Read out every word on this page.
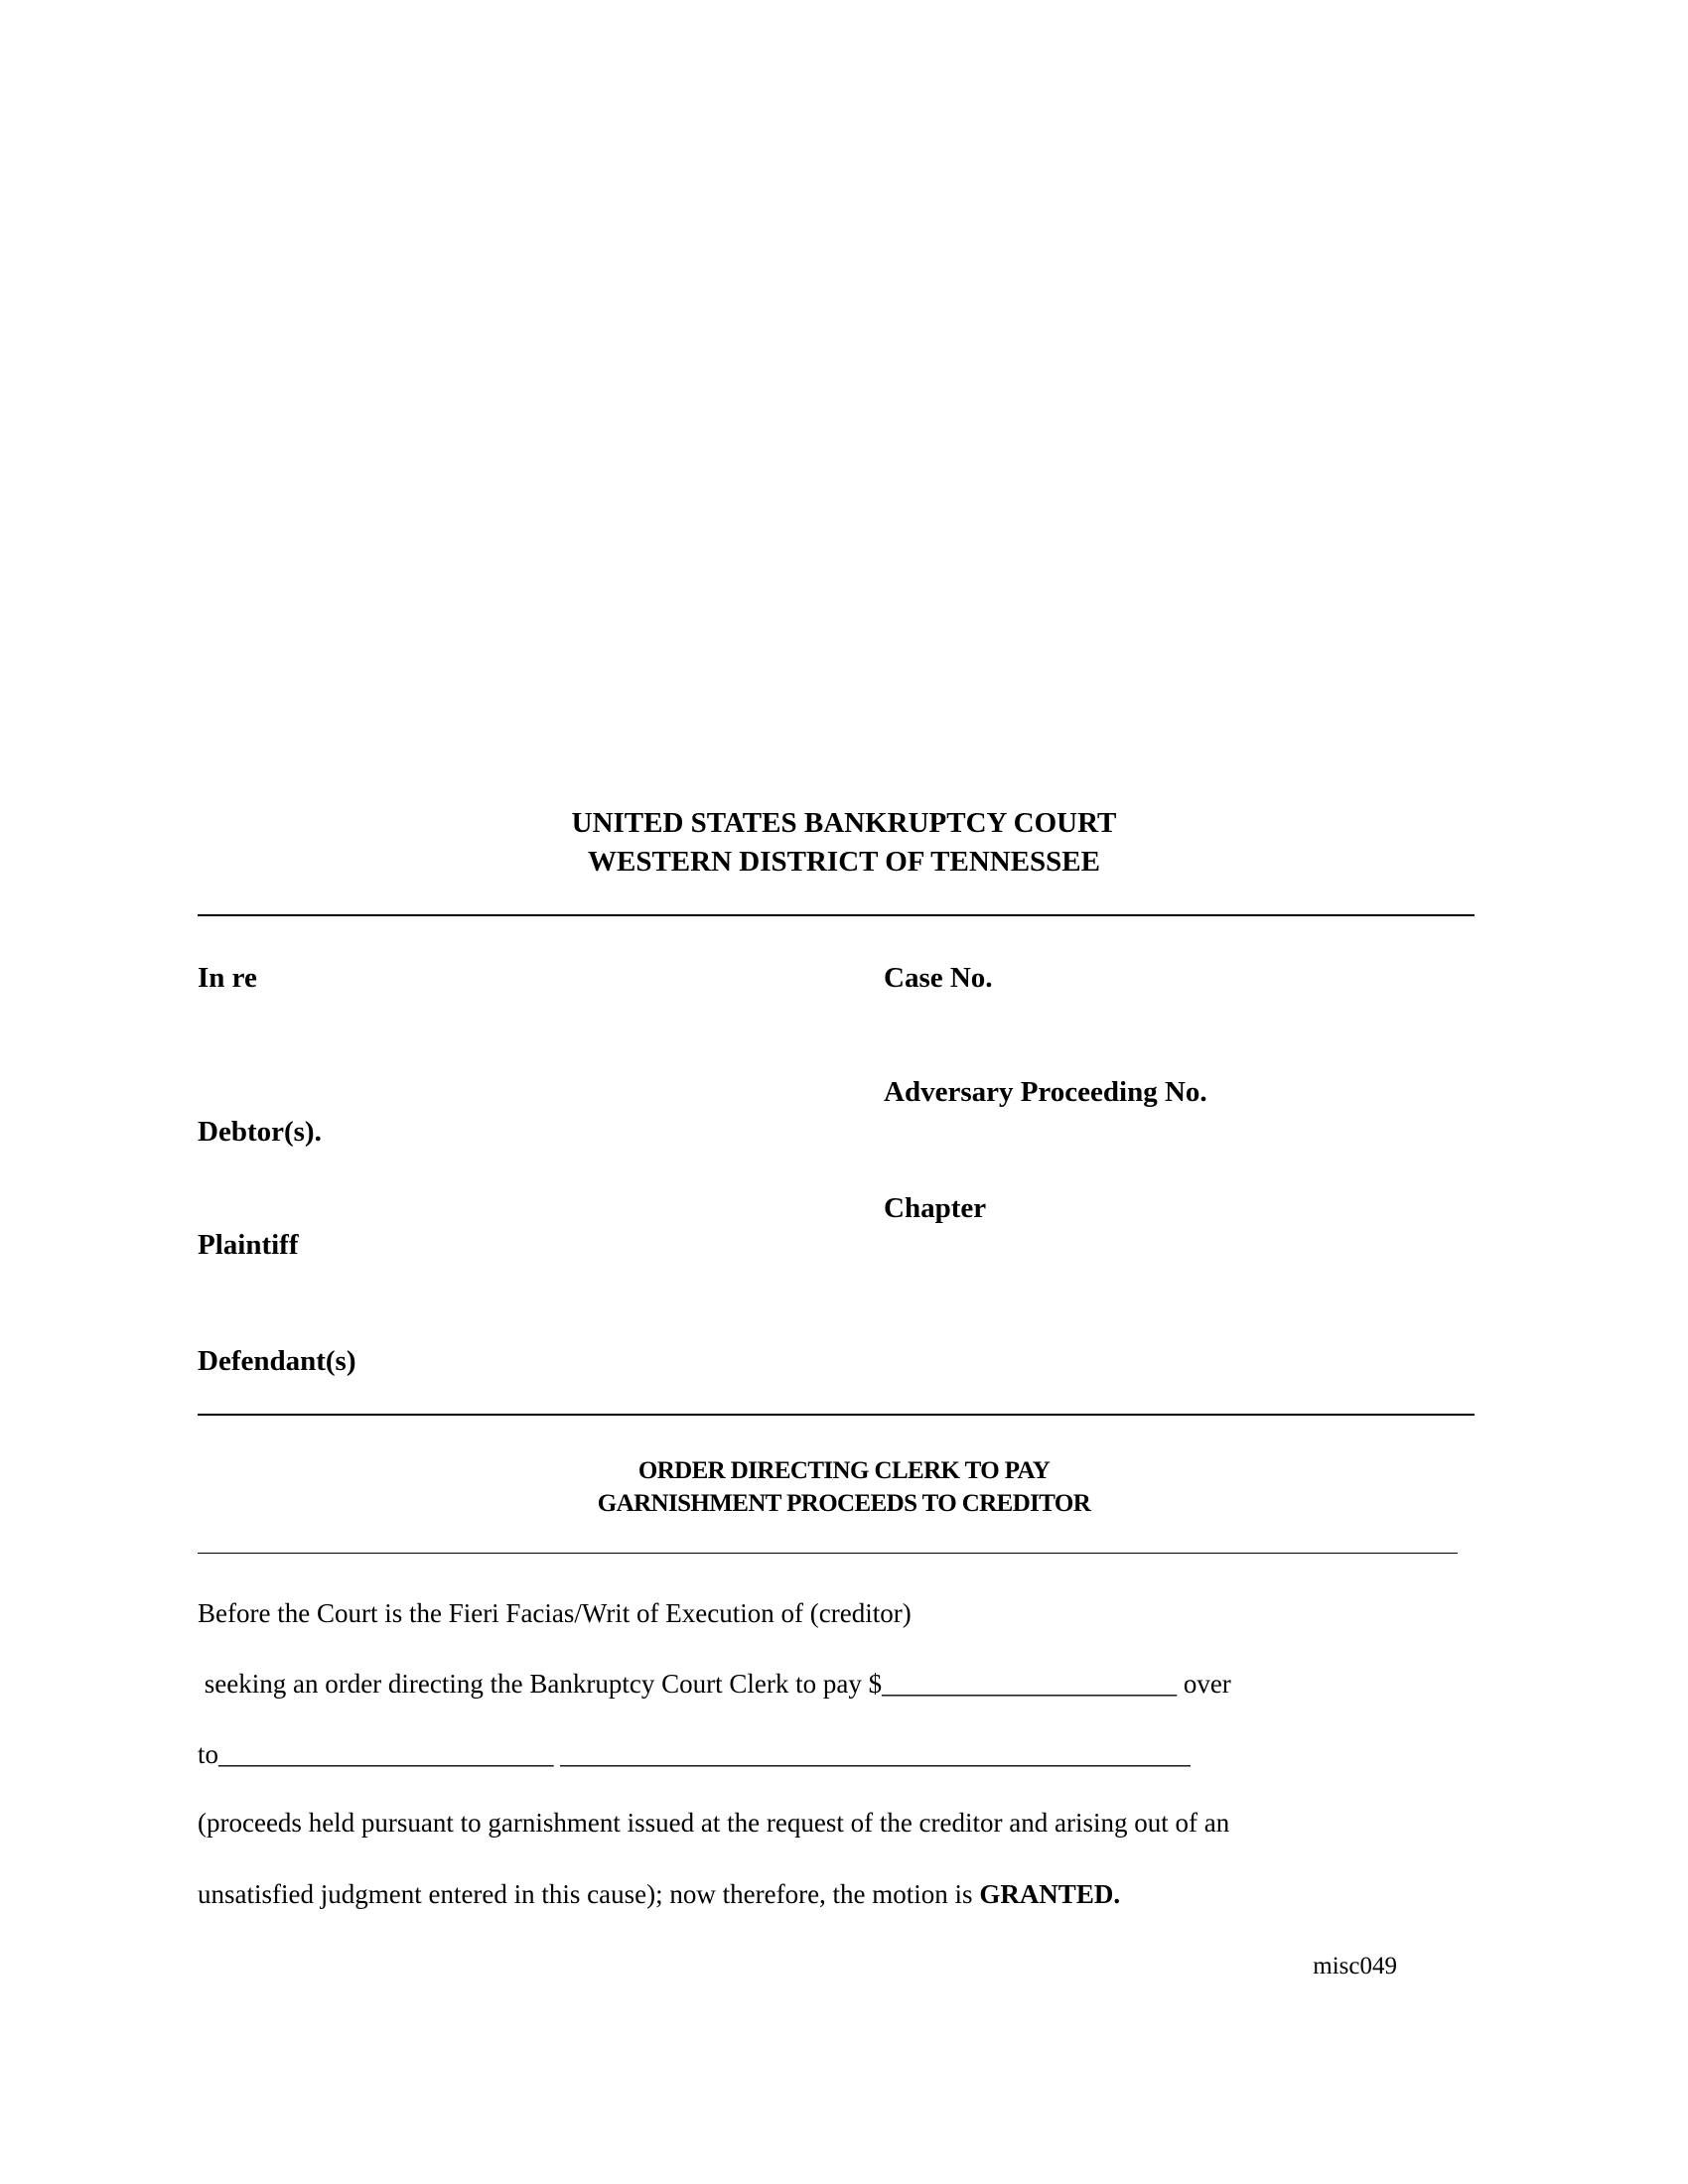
UNITED STATES BANKRUPTCY COURT
WESTERN DISTRICT OF TENNESSEE
In re
Debtor(s).
Plaintiff
Defendant(s)
Case No.
Adversary Proceeding No.
Chapter
ORDER DIRECTING CLERK TO PAY
GARNISHMENT PROCEEDS TO CREDITOR
Before the Court is the Fieri Facias/Writ of Execution of (creditor)
seeking an order directing the Bankruptcy Court Clerk to pay $______________________ over
to_________________________ _______________________________________________
(proceeds held pursuant to garnishment issued at the request of the creditor and arising out of an
unsatisfied judgment entered in this cause); now therefore, the motion is GRANTED.
misc049
